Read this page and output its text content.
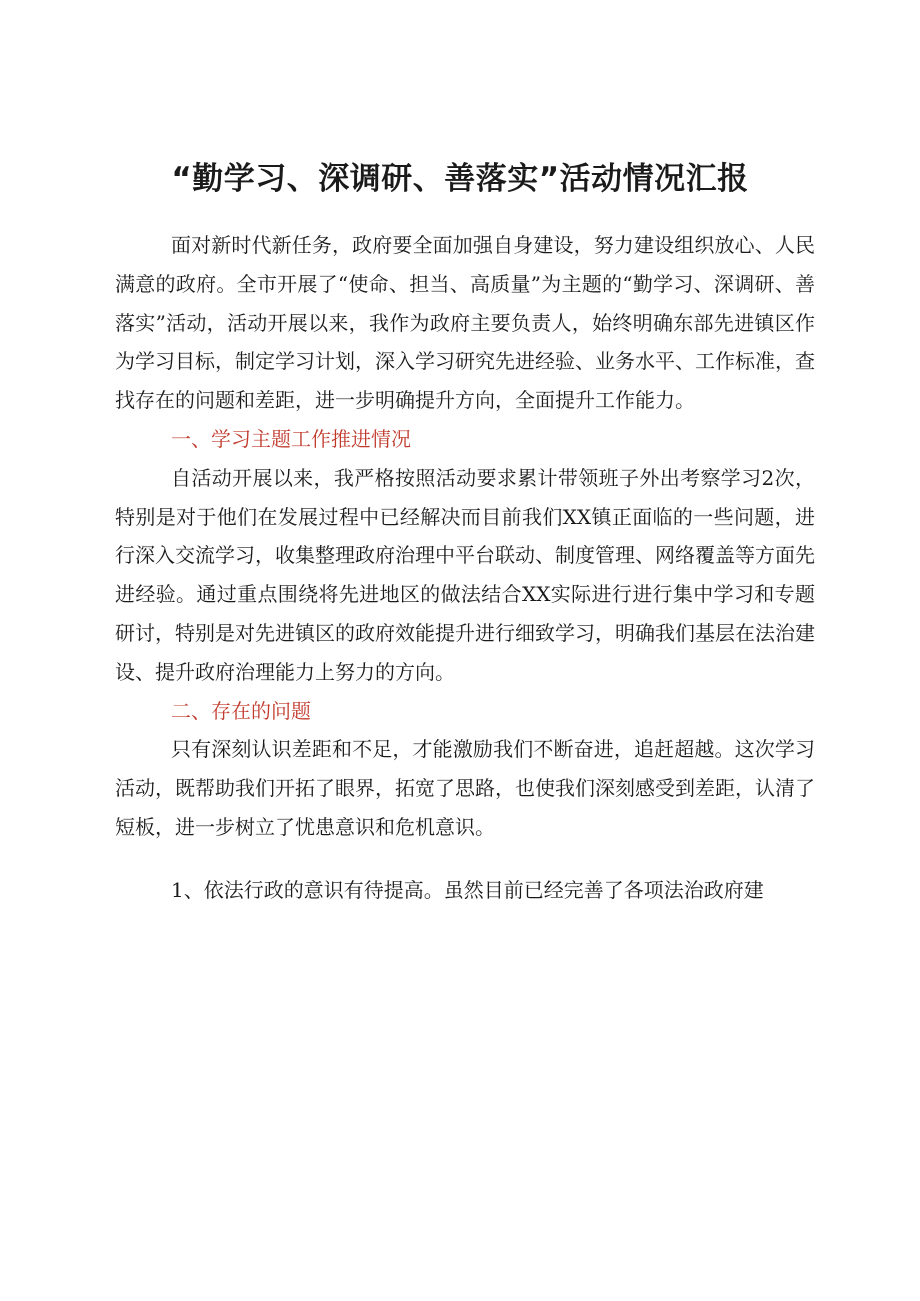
“勤学习、深调研、善落实”活动情况汇报

面对新时代新任务，政府要全面加强自身建设，努力建设组织放心、人民满意的政府。全市开展了“使命、担当、高质量”为主题的“勤学习、深调研、善落实”活动，活动开展以来，我作为政府主要负责人，始终明确东部先进镇区作为学习目标，制定学习计划，深入学习研究先进经验、业务水平、工作标准，查找存在的问题和差距，进一步明确提升方向，全面提升工作能力。

一、学习主题工作推进情况

自活动开展以来，我严格按照活动要求累计带领班子外出考察学习2次，特别是对于他们在发展过程中已经解决而目前我们XX镇正面临的一些问题，进行深入交流学习，收集整理政府治理中平台联动、制度管理、网络覆盖等方面先进经验。通过重点围绕将先进地区的做法结合XX实际进行进行集中学习和专题研讨，特别是对先进镇区的政府效能提升进行细致学习，明确我们基层在法治建设、提升政府治理能力上努力的方向。

二、存在的问题

只有深刻认识差距和不足，才能激励我们不断奋进，追赶超越。这次学习活动，既帮助我们开拓了眼界，拓宽了思路，也使我们深刻感受到差距，认清了短板，进一步树立了忧患意识和危机意识。

1、依法行政的意识有待提高。虽然目前已经完善了各项法治政府建
